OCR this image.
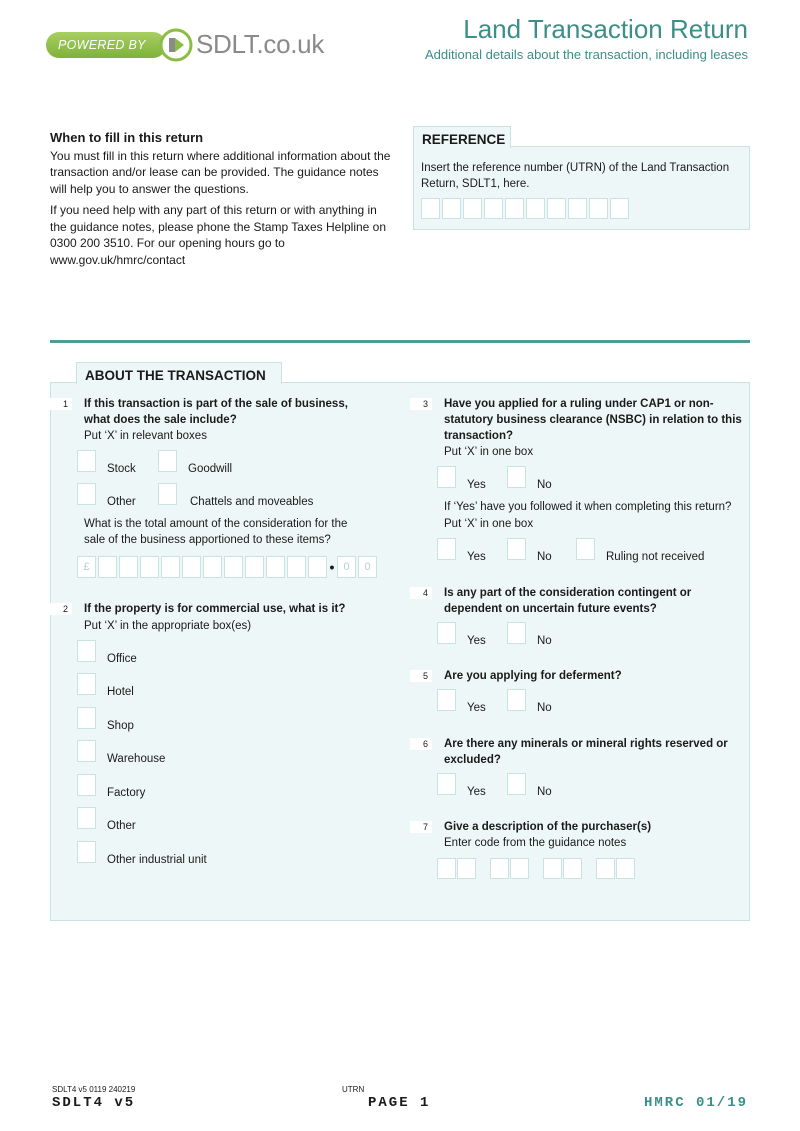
POWERED BY	SDLT.co.uk	Land Transaction Return
Additional details about the transaction, including leases
When to fill in this return

You must fill in this return where additional information about the transaction and/or lease can be provided. The guidance notes will help you to answer the questions.

If you need help with any part of this return or with anything in the guidance notes, please phone the Stamp Taxes Helpline on 0300 200 3510. For our opening hours go to www.gov.uk/hmrc/contact

REFERENCE
Insert the reference number (UTRN) of the Land Transaction Return, SDLT1, here.
ABOUT THE TRANSACTION
1	If this transaction is part of the sale of business, what does the sale include?
Put ‘X’ in relevant boxes
Stock	Goodwill
Other	Chattels and moveables
What is the total amount of the consideration for the sale of the business apportioned to these items?
£	• 0	0
2	If the property is for commercial use, what is it?
Put ‘X’ in the appropriate box(es)
Office
Hotel
Shop
Warehouse
Factory
Other
Other industrial unit
3	Have you applied for a ruling under CAP1 or non-statutory business clearance (NSBC) in relation to this transaction?
Put ‘X’ in one box
Yes	No
If ‘Yes’ have you followed it when completing this return?
Put ‘X’ in one box
Yes	No	Ruling not received
4	Is any part of the consideration contingent or dependent on uncertain future events?
Yes	No
5	Are you applying for deferment?
Yes	No
6	Are there any minerals or mineral rights reserved or excluded?
Yes	No
7	Give a description of the purchaser(s)
Enter code from the guidance notes
SDLT4 v5 0119 240219
SDLT4 v5
UTRN
PAGE 1	HMRC 01/19
